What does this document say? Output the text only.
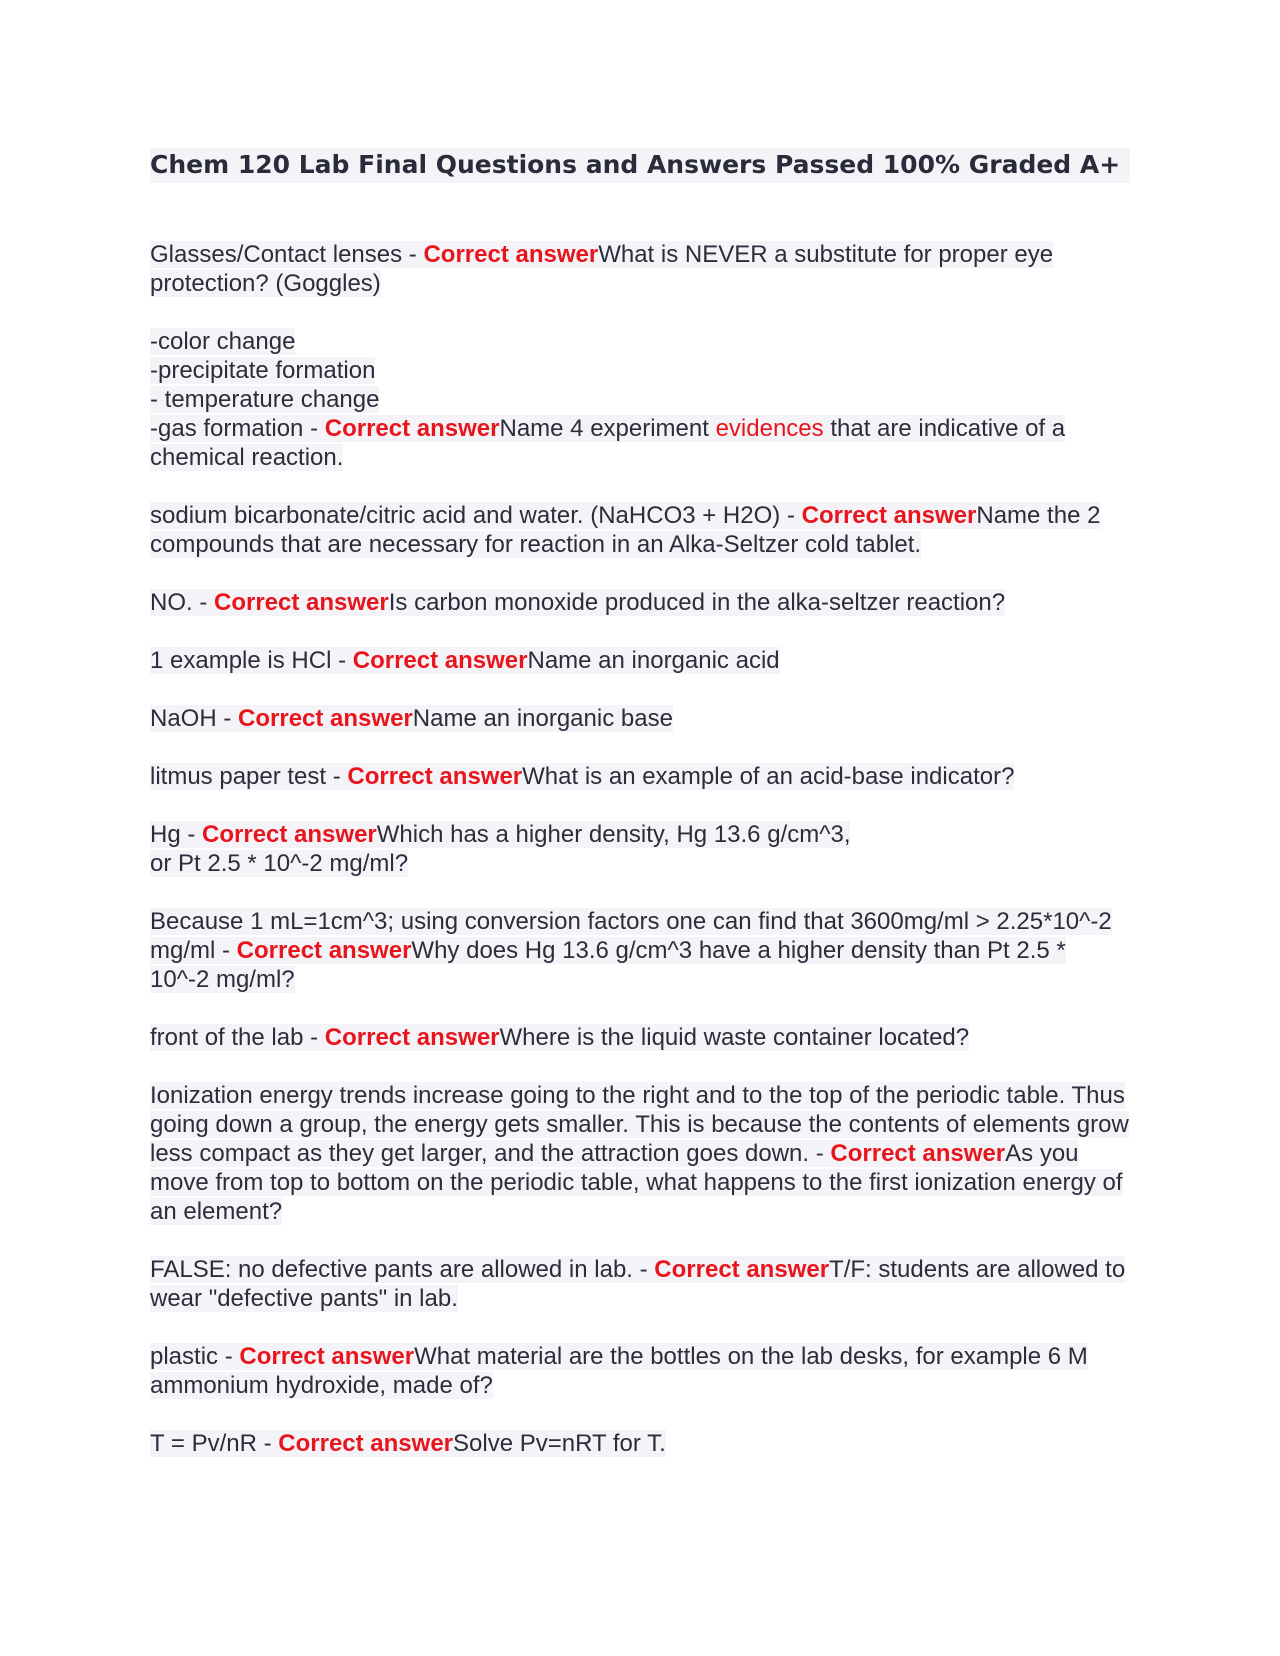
Chem 120 Lab Final Questions and Answers Passed 100% Graded A+

Glasses/Contact lenses - Correct answerWhat is NEVER a substitute for proper eye protection? (Goggles)

-color change
-precipitate formation
- temperature change
-gas formation - Correct answerName 4 experiment evidences that are indicative of a chemical reaction.

sodium bicarbonate/citric acid and water. (NaHCO3 + H2O) - Correct answerName the 2 compounds that are necessary for reaction in an Alka-Seltzer cold tablet.

NO. - Correct answerIs carbon monoxide produced in the alka-seltzer reaction?

1 example is HCl - Correct answerName an inorganic acid

NaOH - Correct answerName an inorganic base

litmus paper test - Correct answerWhat is an example of an acid-base indicator?

Hg - Correct answerWhich has a higher density, Hg 13.6 g/cm^3,
or Pt 2.5 * 10^-2 mg/ml?

Because 1 mL=1cm^3; using conversion factors one can find that 3600mg/ml > 2.25*10^-2 mg/ml - Correct answerWhy does Hg 13.6 g/cm^3 have a higher density than Pt 2.5 * 10^-2 mg/ml?

front of the lab - Correct answerWhere is the liquid waste container located?

Ionization energy trends increase going to the right and to the top of the periodic table. Thus going down a group, the energy gets smaller. This is because the contents of elements grow less compact as they get larger, and the attraction goes down. - Correct answerAs you move from top to bottom on the periodic table, what happens to the first ionization energy of an element?

FALSE: no defective pants are allowed in lab. - Correct answerT/F: students are allowed to wear "defective pants" in lab.

plastic - Correct answerWhat material are the bottles on the lab desks, for example 6 M ammonium hydroxide, made of?

T = Pv/nR - Correct answerSolve Pv=nRT for T.
